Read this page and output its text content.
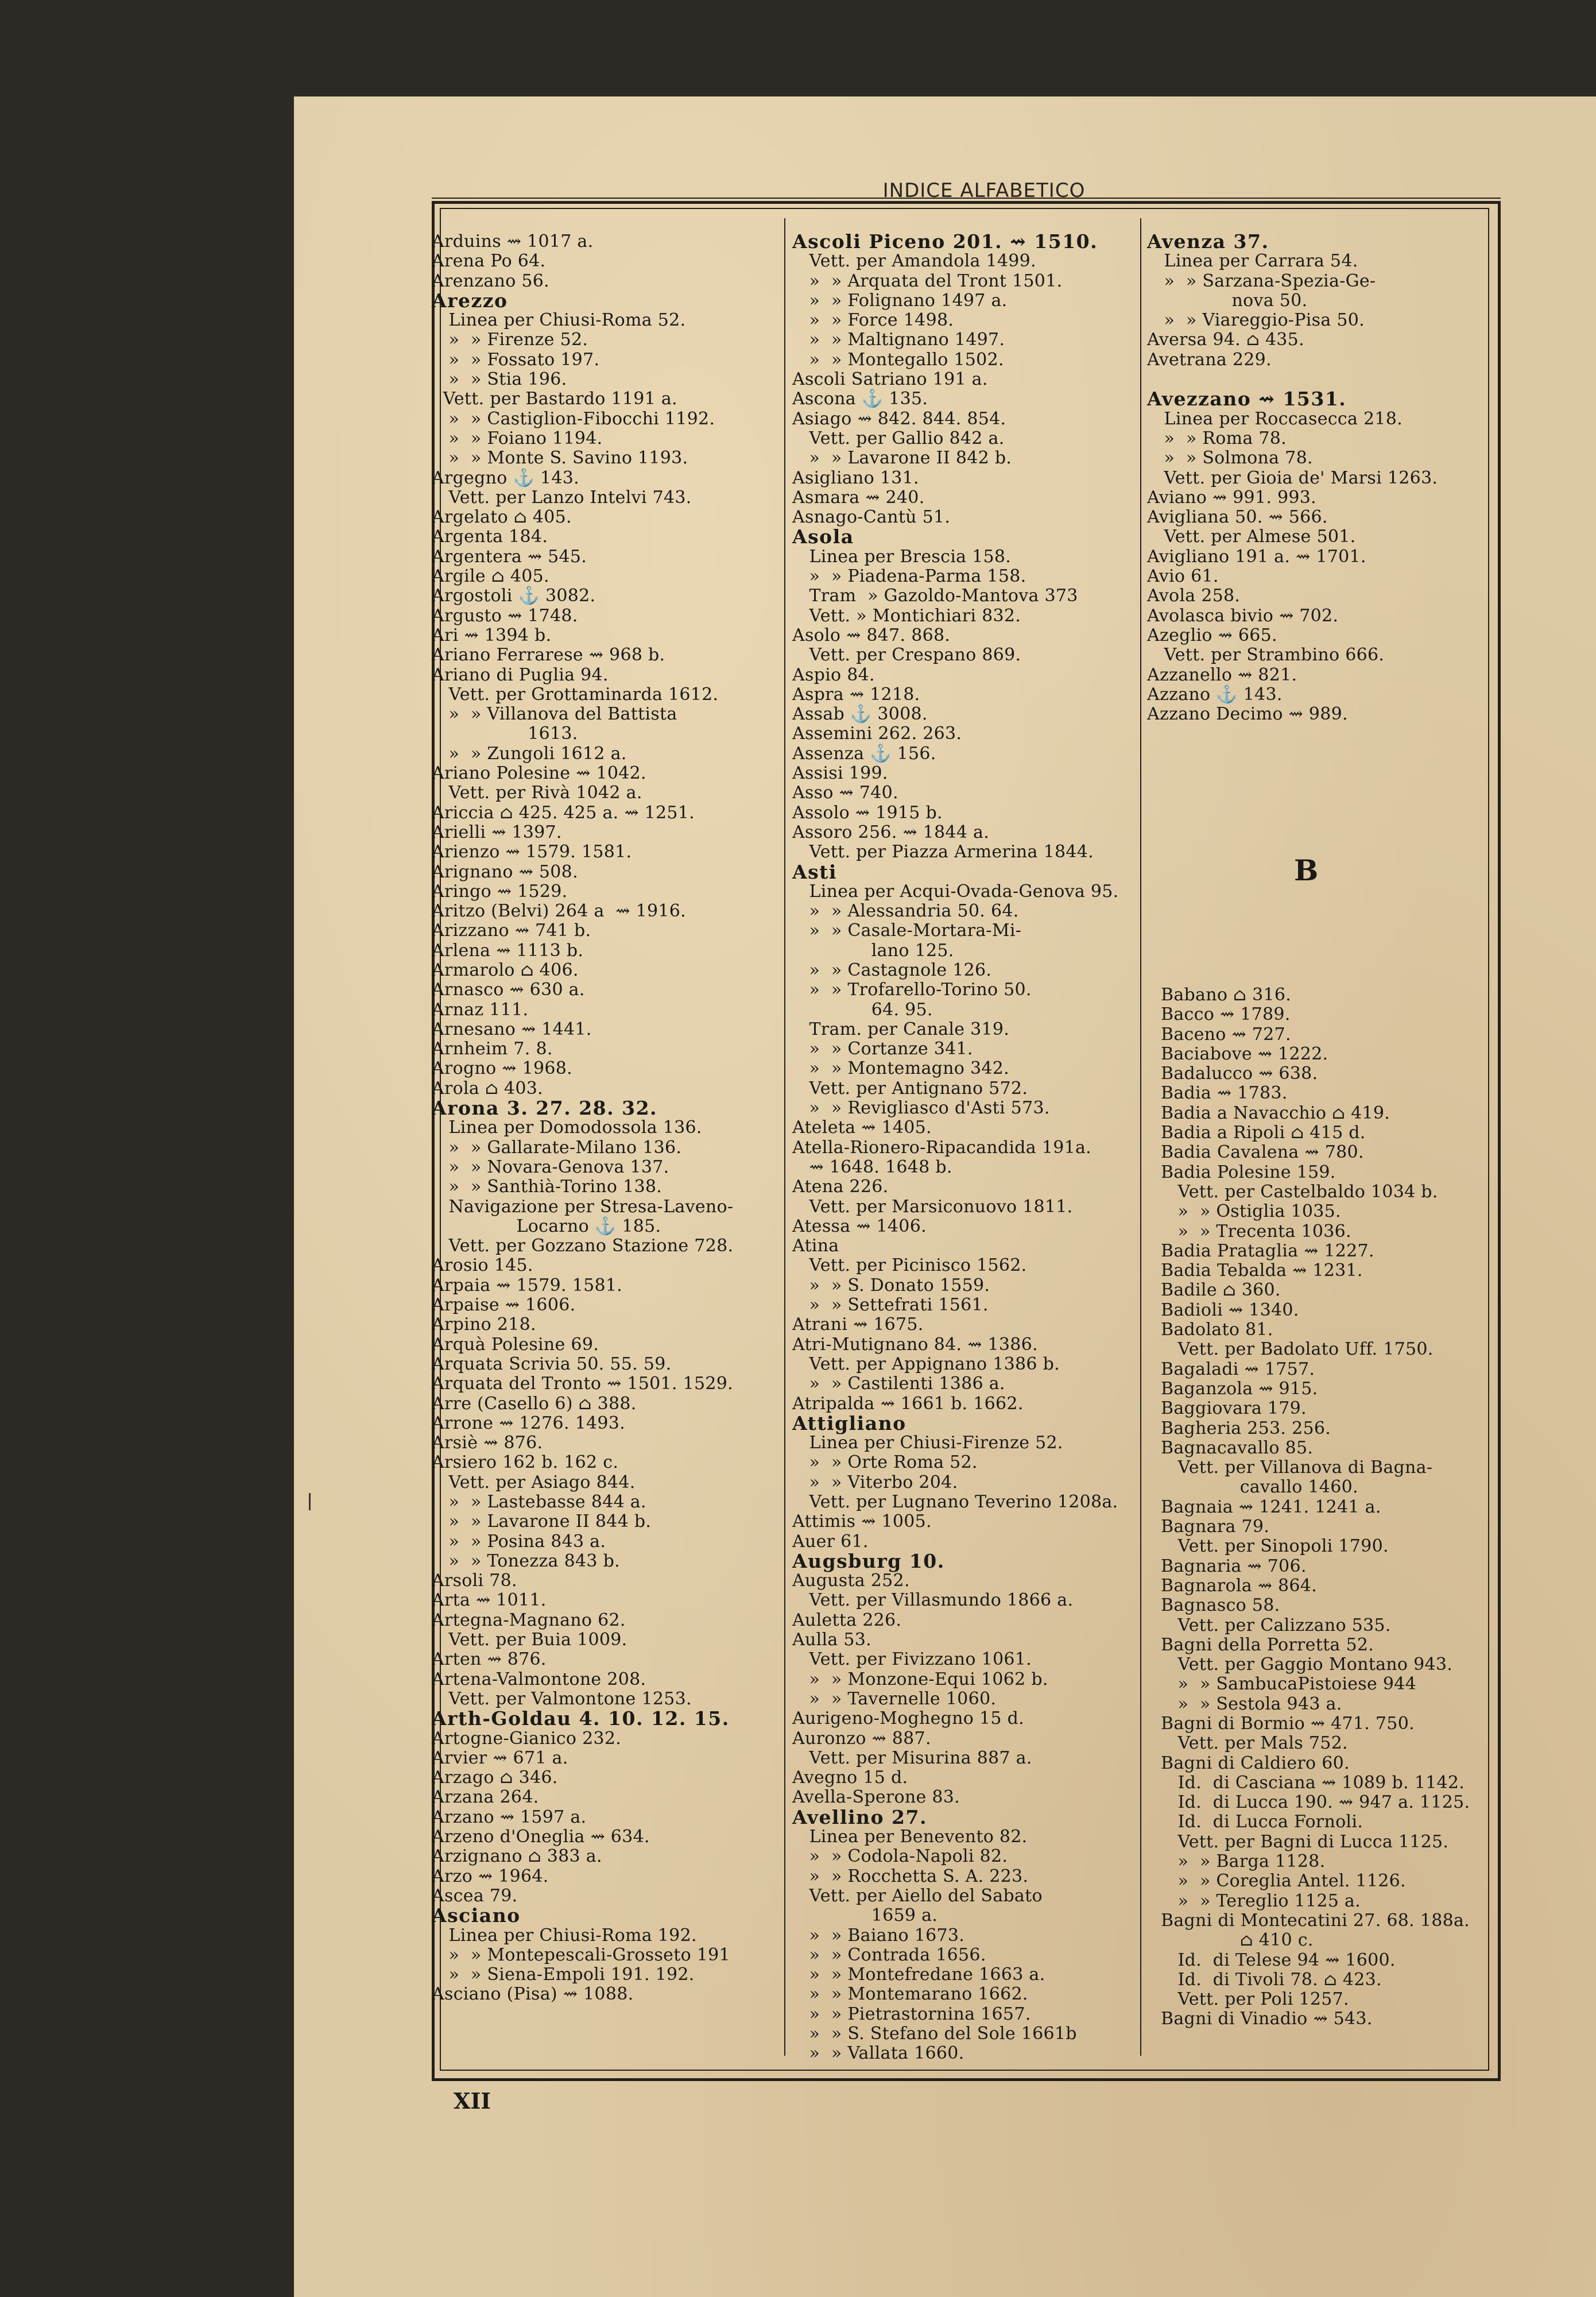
INDICE ALFABETICO
Arduins ⇝ 1017 a.
Arena Po 64.
Arenzano 56.
Arezzo
Linea per Chiusi-Roma 52.
»  » Firenze 52.
»  » Fossato 197.
»  » Stia 196.
Vett. per Bastardo 1191 a.
»  » Castiglion-Fibocchi 1192.
»  » Foiano 1194.
»  » Monte S. Savino 1193.
Argegno ⚓ 143.
Vett. per Lanzo Intelvi 743.
Argelato ⌂ 405.
Argenta 184.
Argentera ⇝ 545.
Argile ⌂ 405.
Argostoli ⚓ 3082.
Argusto ⇝ 1748.
Ari ⇝ 1394 b.
Ariano Ferrarese ⇝ 968 b.
Ariano di Puglia 94.
Vett. per Grottaminarda 1612.
»  » Villanova del Battista
1613.
»  » Zungoli 1612 a.
Ariano Polesine ⇝ 1042.
Vett. per Rivà 1042 a.
Ariccia ⌂ 425. 425 a. ⇝ 1251.
Arielli ⇝ 1397.
Arienzo ⇝ 1579. 1581.
Arignano ⇝ 508.
Aringo ⇝ 1529.
Aritzo (Belvi) 264 a  ⇝ 1916.
Arizzano ⇝ 741 b.
Arlena ⇝ 1113 b.
Armarolo ⌂ 406.
Arnasco ⇝ 630 a.
Arnaz 111.
Arnesano ⇝ 1441.
Arnheim 7. 8.
Arogno ⇝ 1968.
Arola ⌂ 403.
Arona 3. 27. 28. 32.
Linea per Domodossola 136.
»  » Gallarate-Milano 136.
»  » Novara-Genova 137.
»  » Santhià-Torino 138.
Navigazione per Stresa-Laveno-
Locarno ⚓ 185.
Vett. per Gozzano Stazione 728.
Arosio 145.
Arpaia ⇝ 1579. 1581.
Arpaise ⇝ 1606.
Arpino 218.
Arquà Polesine 69.
Arquata Scrivia 50. 55. 59.
Arquata del Tronto ⇝ 1501. 1529.
Arre (Casello 6) ⌂ 388.
Arrone ⇝ 1276. 1493.
Arsiè ⇝ 876.
Arsiero 162 b. 162 c.
Vett. per Asiago 844.
»  » Lastebasse 844 a.
»  » Lavarone II 844 b.
»  » Posina 843 a.
»  » Tonezza 843 b.
Arsoli 78.
Arta ⇝ 1011.
Artegna-Magnano 62.
Vett. per Buia 1009.
Arten ⇝ 876.
Artena-Valmontone 208.
Vett. per Valmontone 1253.
Arth-Goldau 4. 10. 12. 15.
Artogne-Gianico 232.
Arvier ⇝ 671 a.
Arzago ⌂ 346.
Arzana 264.
Arzano ⇝ 1597 a.
Arzeno d'Oneglia ⇝ 634.
Arzignano ⌂ 383 a.
Arzo ⇝ 1964.
Ascea 79.
Asciano
Linea per Chiusi-Roma 192.
»  » Montepescali-Grosseto 191
»  » Siena-Empoli 191. 192.
Asciano (Pisa) ⇝ 1088.
Ascoli Piceno 201. ⇝ 1510.
Vett. per Amandola 1499.
»  » Arquata del Tront 1501.
»  » Folignano 1497 a.
»  » Force 1498.
»  » Maltignano 1497.
»  » Montegallo 1502.
Ascoli Satriano 191 a.
Ascona ⚓ 135.
Asiago ⇝ 842. 844. 854.
Vett. per Gallio 842 a.
»  » Lavarone II 842 b.
Asigliano 131.
Asmara ⇝ 240.
Asnago-Cantù 51.
Asola
Linea per Brescia 158.
»  » Piadena-Parma 158.
Tram  » Gazoldo-Mantova 373
Vett. » Montichiari 832.
Asolo ⇝ 847. 868.
Vett. per Crespano 869.
Aspio 84.
Aspra ⇝ 1218.
Assab ⚓ 3008.
Assemini 262. 263.
Assenza ⚓ 156.
Assisi 199.
Asso ⇝ 740.
Assolo ⇝ 1915 b.
Assoro 256. ⇝ 1844 a.
Vett. per Piazza Armerina 1844.
Asti
Linea per Acqui-Ovada-Genova 95.
»  » Alessandria 50. 64.
»  » Casale-Mortara-Mi-
lano 125.
»  » Castagnole 126.
»  » Trofarello-Torino 50.
64. 95.
Tram. per Canale 319.
»  » Cortanze 341.
»  » Montemagno 342.
Vett. per Antignano 572.
»  » Revigliasco d'Asti 573.
Ateleta ⇝ 1405.
Atella-Rionero-Ripacandida 191a.
⇝ 1648. 1648 b.
Atena 226.
Vett. per Marsiconuovo 1811.
Atessa ⇝ 1406.
Atina
Vett. per Picinisco 1562.
»  » S. Donato 1559.
»  » Settefrati 1561.
Atrani ⇝ 1675.
Atri-Mutignano 84. ⇝ 1386.
Vett. per Appignano 1386 b.
»  » Castilenti 1386 a.
Atripalda ⇝ 1661 b. 1662.
Attigliano
Linea per Chiusi-Firenze 52.
»  » Orte Roma 52.
»  » Viterbo 204.
Vett. per Lugnano Teverino 1208a.
Attimis ⇝ 1005.
Auer 61.
Augsburg 10.
Augusta 252.
Vett. per Villasmundo 1866 a.
Auletta 226.
Aulla 53.
Vett. per Fivizzano 1061.
»  » Monzone-Equi 1062 b.
»  » Tavernelle 1060.
Aurigeno-Moghegno 15 d.
Auronzo ⇝ 887.
Vett. per Misurina 887 a.
Avegno 15 d.
Avella-Sperone 83.
Avellino 27.
Linea per Benevento 82.
»  » Codola-Napoli 82.
»  » Rocchetta S. A. 223.
Vett. per Aiello del Sabato
1659 a.
»  » Baiano 1673.
»  » Contrada 1656.
»  » Montefredane 1663 a.
»  » Montemarano 1662.
»  » Pietrastornina 1657.
»  » S. Stefano del Sole 1661b
»  » Vallata 1660.
Avenza 37.
Linea per Carrara 54.
»  » Sarzana-Spezia-Ge-
nova 50.
»  » Viareggio-Pisa 50.
Aversa 94. ⌂ 435.
Avetrana 229.
Avezzano ⇝ 1531.
Linea per Roccasecca 218.
»  » Roma 78.
»  » Solmona 78.
Vett. per Gioia de' Marsi 1263.
Aviano ⇝ 991. 993.
Avigliana 50. ⇝ 566.
Vett. per Almese 501.
Avigliano 191 a. ⇝ 1701.
Avio 61.
Avola 258.
Avolasca bivio ⇝ 702.
Azeglio ⇝ 665.
Vett. per Strambino 666.
Azzanello ⇝ 821.
Azzano ⚓ 143.
Azzano Decimo ⇝ 989.
B
Babano ⌂ 316.
Bacco ⇝ 1789.
Baceno ⇝ 727.
Baciabove ⇝ 1222.
Badalucco ⇝ 638.
Badia ⇝ 1783.
Badia a Navacchio ⌂ 419.
Badia a Ripoli ⌂ 415 d.
Badia Cavalena ⇝ 780.
Badia Polesine 159.
Vett. per Castelbaldo 1034 b.
»  » Ostiglia 1035.
»  » Trecenta 1036.
Badia Prataglia ⇝ 1227.
Badia Tebalda ⇝ 1231.
Badile ⌂ 360.
Badioli ⇝ 1340.
Badolato 81.
Vett. per Badolato Uff. 1750.
Bagaladi ⇝ 1757.
Baganzola ⇝ 915.
Baggiovara 179.
Bagheria 253. 256.
Bagnacavallo 85.
Vett. per Villanova di Bagna-
cavallo 1460.
Bagnaia ⇝ 1241. 1241 a.
Bagnara 79.
Vett. per Sinopoli 1790.
Bagnaria ⇝ 706.
Bagnarola ⇝ 864.
Bagnasco 58.
Vett. per Calizzano 535.
Bagni della Porretta 52.
Vett. per Gaggio Montano 943.
»  » SambucaPistoiese 944
»  » Sestola 943 a.
Bagni di Bormio ⇝ 471. 750.
Vett. per Mals 752.
Bagni di Caldiero 60.
Id.  di Casciana ⇝ 1089 b. 1142.
Id.  di Lucca 190. ⇝ 947 a. 1125.
Id.  di Lucca Fornoli.
Vett. per Bagni di Lucca 1125.
»  » Barga 1128.
»  » Coreglia Antel. 1126.
»  » Tereglio 1125 a.
Bagni di Montecatini 27. 68. 188a.
⌂ 410 c.
Id.  di Telese 94 ⇝ 1600.
Id.  di Tivoli 78. ⌂ 423.
Vett. per Poli 1257.
Bagni di Vinadio ⇝ 543.
XII
